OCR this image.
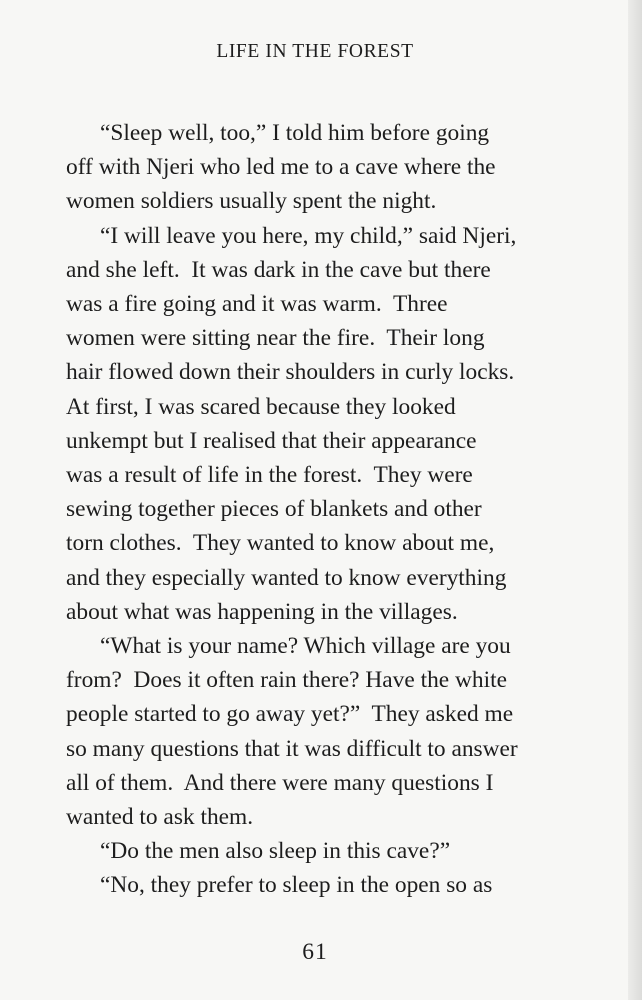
LIFE IN THE FOREST
“Sleep well, too,” I told him before going
off with Njeri who led me to a cave where the
women soldiers usually spent the night.
“I will leave you here, my child,” said Njeri,
and she left.  It was dark in the cave but there
was a fire going and it was warm.  Three
women were sitting near the fire.  Their long
hair flowed down their shoulders in curly locks.
At first, I was scared because they looked
unkempt but I realised that their appearance
was a result of life in the forest.  They were
sewing together pieces of blankets and other
torn clothes.  They wanted to know about me,
and they especially wanted to know everything
about what was happening in the villages.
“What is your name? Which village are you
from?  Does it often rain there? Have the white
people started to go away yet?”  They asked me
so many questions that it was difficult to answer
all of them.  And there were many questions I
wanted to ask them.
“Do the men also sleep in this cave?”
“No, they prefer to sleep in the open so as
61
